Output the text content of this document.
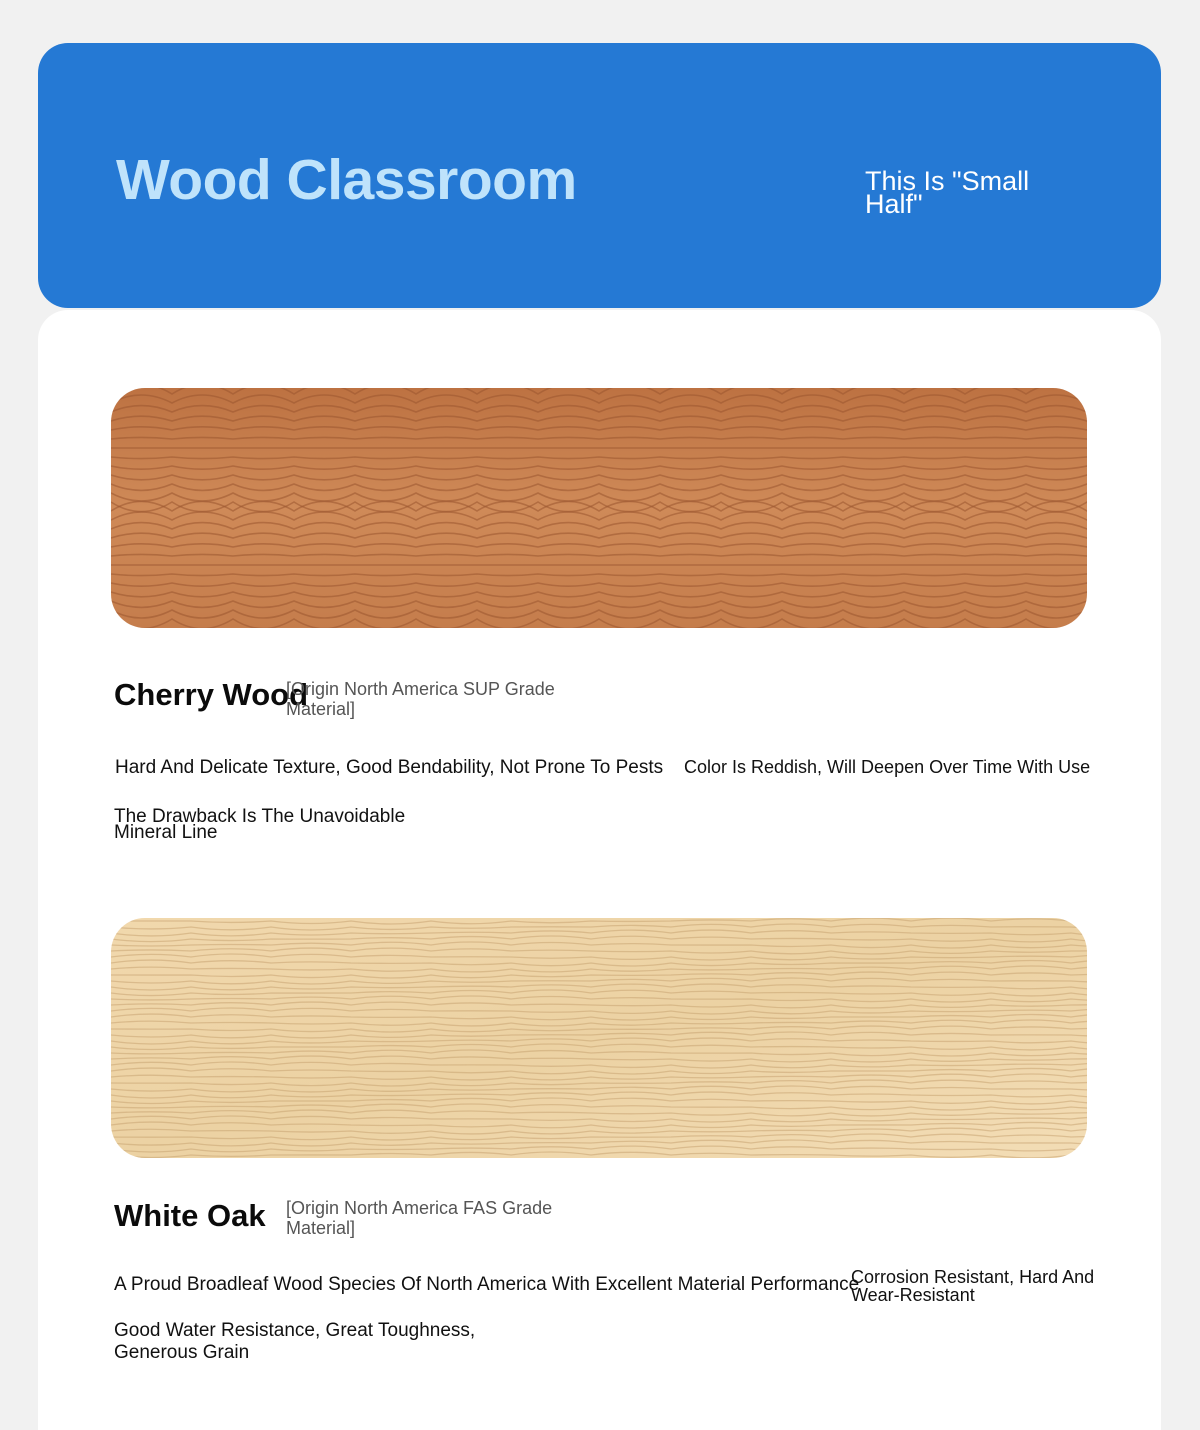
Wood Classroom	This Is "Small Half"
Cherry Wood
[Origin North America SUP Grade Material]
Hard And Delicate Texture, Good Bendability, Not Prone To Pests Color Is Reddish, Will Deepen Over Time With Use
The Drawback Is The Unavoidable Mineral Line
White Oak [Origin North America FAS Grade Material]
A Proud Broadleaf Wood Species Of North America With Excellent Material Performance
Corrosion Resistant, Hard And Wear-Resistant
Good Water Resistance, Great Toughness, Generous Grain
